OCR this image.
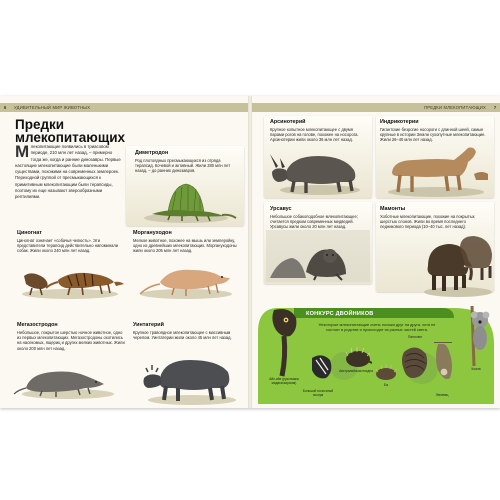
6 УДИВИТЕЛЬНЫЙ МИР ЖИВОТНЫХ	ПРЕДКИ МЛЕКОПИТАЮЩИХ 7
Предки млекопитающих

Млекопитающие появились в триасовом периоде, 210 млн лет назад, – примерно тогда же, когда и ранние динозавры. Первые настоящие млекопитающие были маленькими существами, похожими на современных землероек. Переходной группой от пресмыкающихся к примитивным млекопитающим были терапсиды, поэтому их еще называют зверообразными рептилиями.

Диметродон

Род плотоядных пресмыкающихся из отряда терапсид. Кочевой и активный. Жили 280 млн лет назад, – до ранних динозавров.

Циногнат

Циногнат означает «собачья челюсть». Эти представители терапсид действительно напоминали собак. Жили около 240 млн лет назад.

Моргануходон

Мелкое животное, похожее на мышь или землеройку, одно из древнейших млекопитающих. Моргануходоны жили около 205 млн лет назад.

Мегазостродон

Небольшое, покрытое шерстью ночное животное, одно из первых млекопитающих. Мегазостродоны охотились на насекомых, ящериц и других мелких животных. Жили около 200 млн лет назад.

Уинтатерий

Крупное травоядное млекопитающее с массивным черепом. Уинтатерии жили около 45 млн лет назад.

Арсинотерий

Крупное копытное млекопитающее с двумя парами рогов на голове, похожее на носорога. Арсинотерии жили около 36 млн лет назад.

Индрикотерии

Гигантские безрогие носороги с длинной шеей, самые крупные в истории Земли сухопутные млекопитающие. Жили 26–40 млн лет назад.

Урсавус

Небольшое собакоподобное млекопитающее; считается предком современных медведей. Урсавусы жили около 20 млн лет назад.

Мамонты

Хоботные млекопитающие, похожие на покрытых шерстью слонов. Жили во время последнего ледникового периода (10–40 тыс. лет назад).

КОНКУРС ДВОЙНИКОВ

Некоторые млекопитающие очень похожи друг на друга, хотя не состоят в родстве и происходят из разных частей света.

Айе-айе (руконожка мадагаскарская)
Большой полосатый поссум
Австралийская ехидна
Панголин
Еж
Ленивец
Коала
